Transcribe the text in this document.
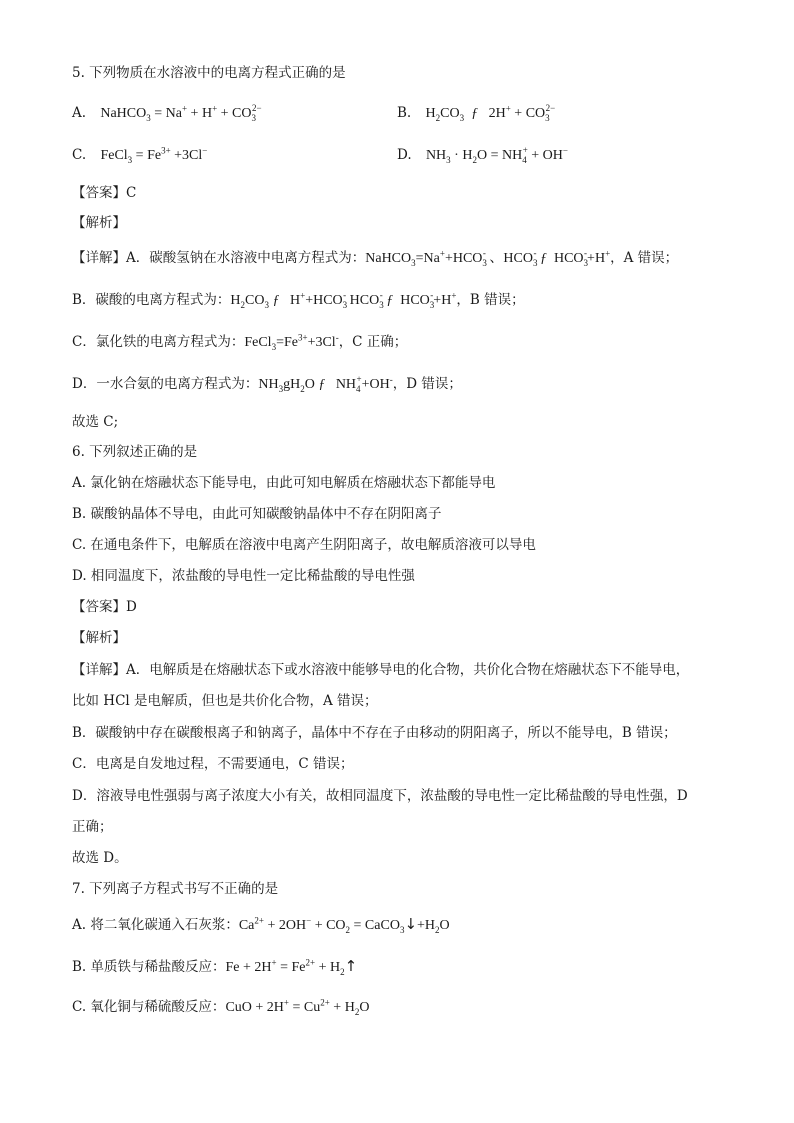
5. 下列物质在水溶液中的电离方程式正确的是
A. NaHCO$_3$ = $Na^+ + H^+ + CO_3^{2-}$	B. $H_2CO_3$ ƒ   $2H^+ + CO_3^{2-}$
C. FeCl$_3$ = $Fe^{3+} +3Cl^-$	D. $NH_3 \cdot H_2O = NH_4^+ + OH^-$
【答案】C
【解析】
【详解】A．碳酸氢钠在水溶液中电离方程式为：$NaHCO_3=Na^++HCO_3^-$ 、$HCO_3^-$ ƒ  $HCO_3^-+H^+$，A 错误；
B．碳酸的电离方程式为：$H_2CO_3$ ƒ   $H^++HCO_3^-$ $HCO_3^-$ ƒ  $HCO_3^-+H^+$，B 错误；
C．氯化铁的电离方程式为：$FeCl_3=Fe^{3+}+3Cl^-$，C 正确；
D．一水合氨的电离方程式为：$NH_3gH_2O$ ƒ   $NH_4^++OH^-$，D 错误；
故选 C;
6. 下列叙述正确的是
A. 氯化钠在熔融状态下能导电，由此可知电解质在熔融状态下都能导电
B. 碳酸钠晶体不导电，由此可知碳酸钠晶体中不存在阴阳离子
C. 在通电条件下，电解质在溶液中电离产生阴阳离子，故电解质溶液可以导电
D. 相同温度下，浓盐酸的导电性一定比稀盐酸的导电性强
【答案】D
【解析】
【详解】A．电解质是在熔融状态下或水溶液中能够导电的化合物，共价化合物在熔融状态下不能导电，
比如 HCl 是电解质，但也是共价化合物，A 错误；
B．碳酸钠中存在碳酸根离子和钠离子，晶体中不存在子由移动的阴阳离子，所以不能导电，B 错误；
C．电离是自发地过程，不需要通电，C 错误；
D．溶液导电性强弱与离子浓度大小有关，故相同温度下，浓盐酸的导电性一定比稀盐酸的导电性强，D
正确；
故选 D。
7. 下列离子方程式书写不正确的是
A. 将二氧化碳通入石灰浆：$Ca^{2+} + 2OH^- + CO_2$ = $CaCO_3↓+H_2O$
B. 单质铁与稀盐酸反应：$Fe + 2H^+ = Fe^{2+}$ + $H_2↑$
C. 氧化铜与稀硫酸反应：CuO + $2H^+ = Cu^{2+} + H_2O$
